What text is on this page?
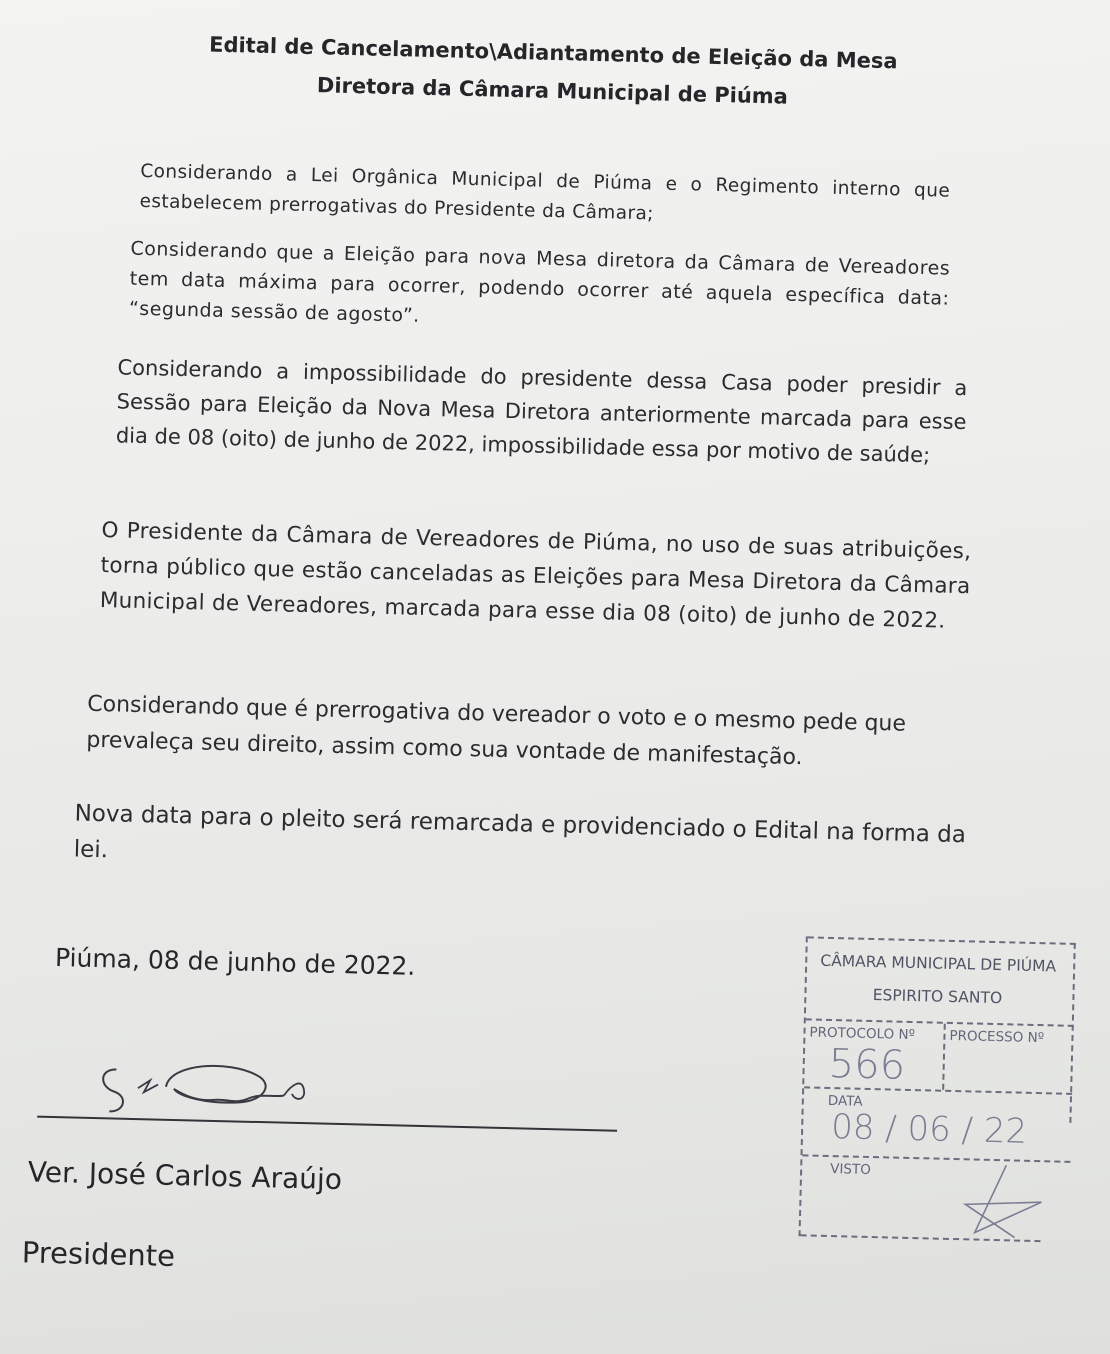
Edital de Cancelamento\Adiantamento de Eleição da Mesa
Diretora da Câmara Municipal de Piúma

Considerando a Lei Orgânica Municipal de Piúma e o Regimento interno que estabelecem prerrogativas do Presidente da Câmara;

Considerando que a Eleição para nova Mesa diretora da Câmara de Vereadores tem data máxima para ocorrer, podendo ocorrer até aquela específica data: “segunda sessão de agosto”.

Considerando a impossibilidade do presidente dessa Casa poder presidir a Sessão para Eleição da Nova Mesa Diretora anteriormente marcada para esse dia de 08 (oito) de junho de 2022, impossibilidade essa por motivo de saúde;

O Presidente da Câmara de Vereadores de Piúma, no uso de suas atribuições, torna público que estão canceladas as Eleições para Mesa Diretora da Câmara Municipal de Vereadores, marcada para esse dia 08 (oito) de junho de 2022.

Considerando que é prerrogativa do vereador o voto e o mesmo pede que prevaleça seu direito, assim como sua vontade de manifestação.

Nova data para o pleito será remarcada e providenciado o Edital na forma da lei.

Piúma, 08 de junho de 2022.
Ver. José Carlos Araújo
Presidente
CÂMARA MUNICIPAL DE PIÚMA
ESPIRITO SANTO
PROTOCOLO Nº	PROCESSO Nº
566
DATA
08 / 06 / 22
VISTO
